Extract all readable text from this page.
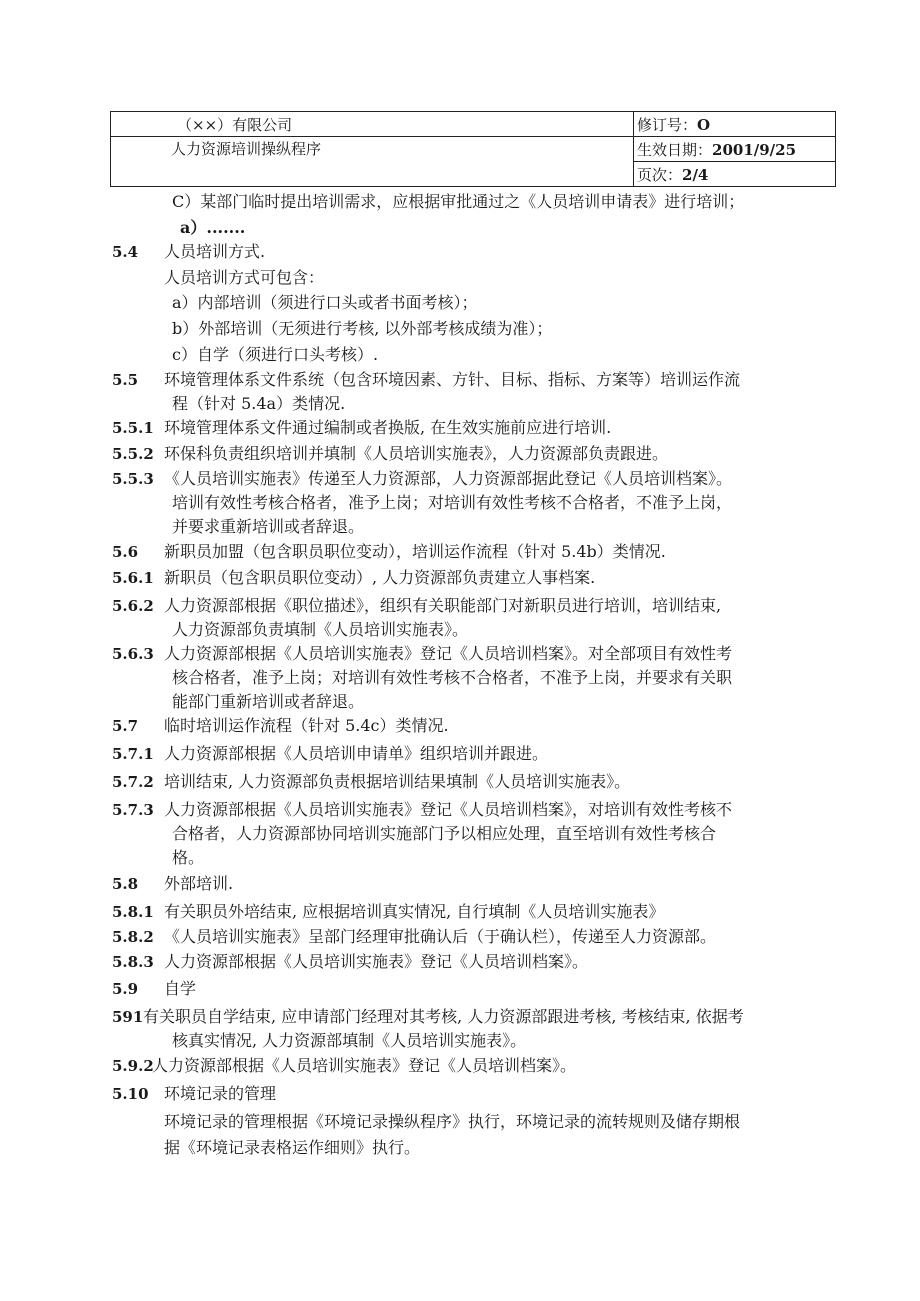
（××）有限公司	修订号：O
人力资源培训操纵程序	生效日期：2001/9/25
	页次：2/4
C）某部门临时提出培训需求，应根据审批通过之《人员培训申请表》进行培训；
a）.......
5.4 人员培训方式.
人员培训方式可包含：
a）内部培训（须进行口头或者书面考核）；
b）外部培训（无须进行考核, 以外部考核成绩为准）；
c）自学（须进行口头考核）.
5.5 环境管理体系文件系统（包含环境因素、方针、目标、指标、方案等）培训运作流
程（针对 5.4a）类情况.
5.5.1 环境管理体系文件通过编制或者换版, 在生效实施前应进行培训.
5.5.2 环保科负责组织培训并填制《人员培训实施表》，人力资源部负责跟进。
5.5.3 《人员培训实施表》传递至人力资源部，人力资源部据此登记《人员培训档案》。
培训有效性考核合格者，准予上岗；对培训有效性考核不合格者，不准予上岗，
并要求重新培训或者辞退。
5.6 新职员加盟（包含职员职位变动），培训运作流程（针对 5.4b）类情况.
5.6.1 新职员（包含职员职位变动）, 人力资源部负责建立人事档案.
5.6.2 人力资源部根据《职位描述》，组织有关职能部门对新职员进行培训，培训结束,
人力资源部负责填制《人员培训实施表》。
5.6.3 人力资源部根据《人员培训实施表》登记《人员培训档案》。对全部项目有效性考
核合格者，准予上岗；对培训有效性考核不合格者，不准予上岗，并要求有关职
能部门重新培训或者辞退。
5.7 临时培训运作流程（针对 5.4c）类情况.
5.7.1 人力资源部根据《人员培训申请单》组织培训并跟进。
5.7.2 培训结束, 人力资源部负责根据培训结果填制《人员培训实施表》。
5.7.3 人力资源部根据《人员培训实施表》登记《人员培训档案》，对培训有效性考核不
合格者，人力资源部协同培训实施部门予以相应处理，直至培训有效性考核合
格。
5.8 外部培训.
5.8.1 有关职员外培结束, 应根据培训真实情况, 自行填制《人员培训实施表》
5.8.2 《人员培训实施表》呈部门经理审批确认后（于确认栏），传递至人力资源部。
5.8.3 人力资源部根据《人员培训实施表》登记《人员培训档案》。
5.9 自学
591 有关职员自学结束, 应申请部门经理对其考核, 人力资源部跟进考核, 考核结束, 依据考
核真实情况, 人力资源部填制《人员培训实施表》。
5.9.2
人力资源部根据《人员培训实施表》登记《人员培训档案》。
5.10 环境记录的管理
环境记录的管理根据《环境记录操纵程序》执行，环境记录的流转规则及储存期根
据《环境记录表格运作细则》执行。
